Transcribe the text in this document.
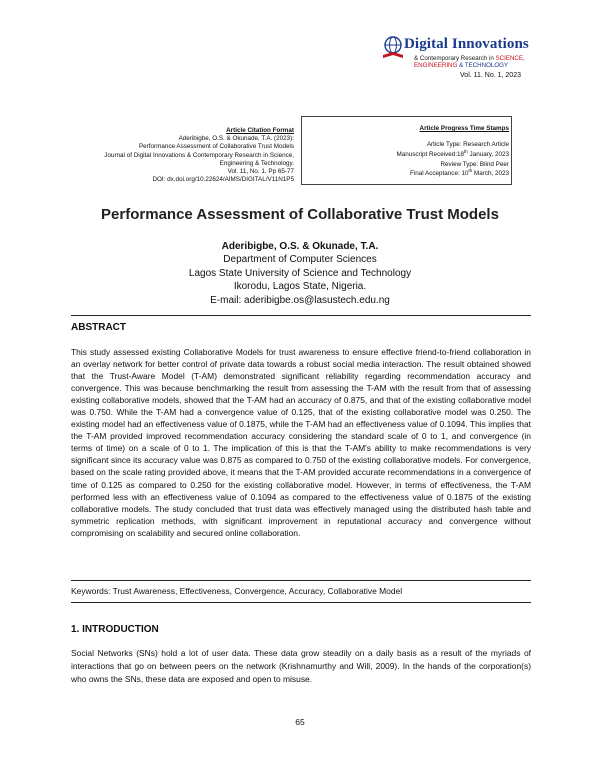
Digital Innovations
& Contemporary Research in SCIENCE,
ENGINEERING & TECHNOLOGY
Vol. 11. No. 1, 2023
Article Citation Format
Aderibigbe, O.S. & Okunade, T.A. (2023):
Performance Assessment of Collaborative Trust Models
Journal of Digital Innovations & Contemporary Research in Science,
Engineering & Technology.
Vol. 11, No. 1. Pp 65-77
DOI: dx.doi.org/10.22624/AIMS/DIGITAL/V11N1P5
Article Progress Time Stamps
Article Type: Research Article
Manuscript Received:18th January, 2023
Review Type: Blind Peer
Final Acceptance: 10th March, 2023
Performance Assessment of Collaborative Trust Models
Aderibigbe, O.S. & Okunade, T.A.
Department of Computer Sciences
Lagos State University of Science and Technology
Ikorodu, Lagos State, Nigeria.
E-mail: aderibigbe.os@lasustech.edu.ng
ABSTRACT
This study assessed existing Collaborative Models for trust awareness to ensure effective friend-to-friend collaboration in an overlay network for better control of private data towards a robust social media interaction. The result obtained showed that the Trust-Aware Model (T-AM) demonstrated significant reliability regarding recommendation accuracy and convergence. This was because benchmarking the result from assessing the T-AM with the result from that of assessing existing collaborative models, showed that the T-AM had an accuracy of 0.875, and that of the existing collaborative model was 0.750. While the T-AM had a convergence value of 0.125, that of the existing collaborative model was 0.250. The existing model had an effectiveness value of 0.1875, while the T-AM had an effectiveness value of 0.1094. This implies that the T-AM provided improved recommendation accuracy considering the standard scale of 0 to 1, and convergence (in terms of time) on a scale of 0 to 1. The implication of this is that the T-AM's ability to make recommendations is very significant since its accuracy value was 0.875 as compared to 0.750 of the existing collaborative models. For convergence, based on the scale rating provided above, it means that the T-AM provided accurate recommendations in a convergence of time of 0.125 as compared to 0.250 for the existing collaborative model. However, in terms of effectiveness, the T-AM performed less with an effectiveness value of 0.1094 as compared to the effectiveness value of 0.1875 of the existing collaborative models. The study concluded that trust data was effectively managed using the distributed hash table and symmetric replication methods, with significant improvement in reputational accuracy and convergence without compromising on scalability and secured online collaboration.
Keywords: Trust Awareness, Effectiveness, Convergence, Accuracy, Collaborative Model
1. INTRODUCTION
Social Networks (SNs) hold a lot of user data. These data grow steadily on a daily basis as a result of the myriads of interactions that go on between peers on the network (Krishnamurthy and Will, 2009). In the hands of the corporation(s) who owns the SNs, these data are exposed and open to misuse.
65
